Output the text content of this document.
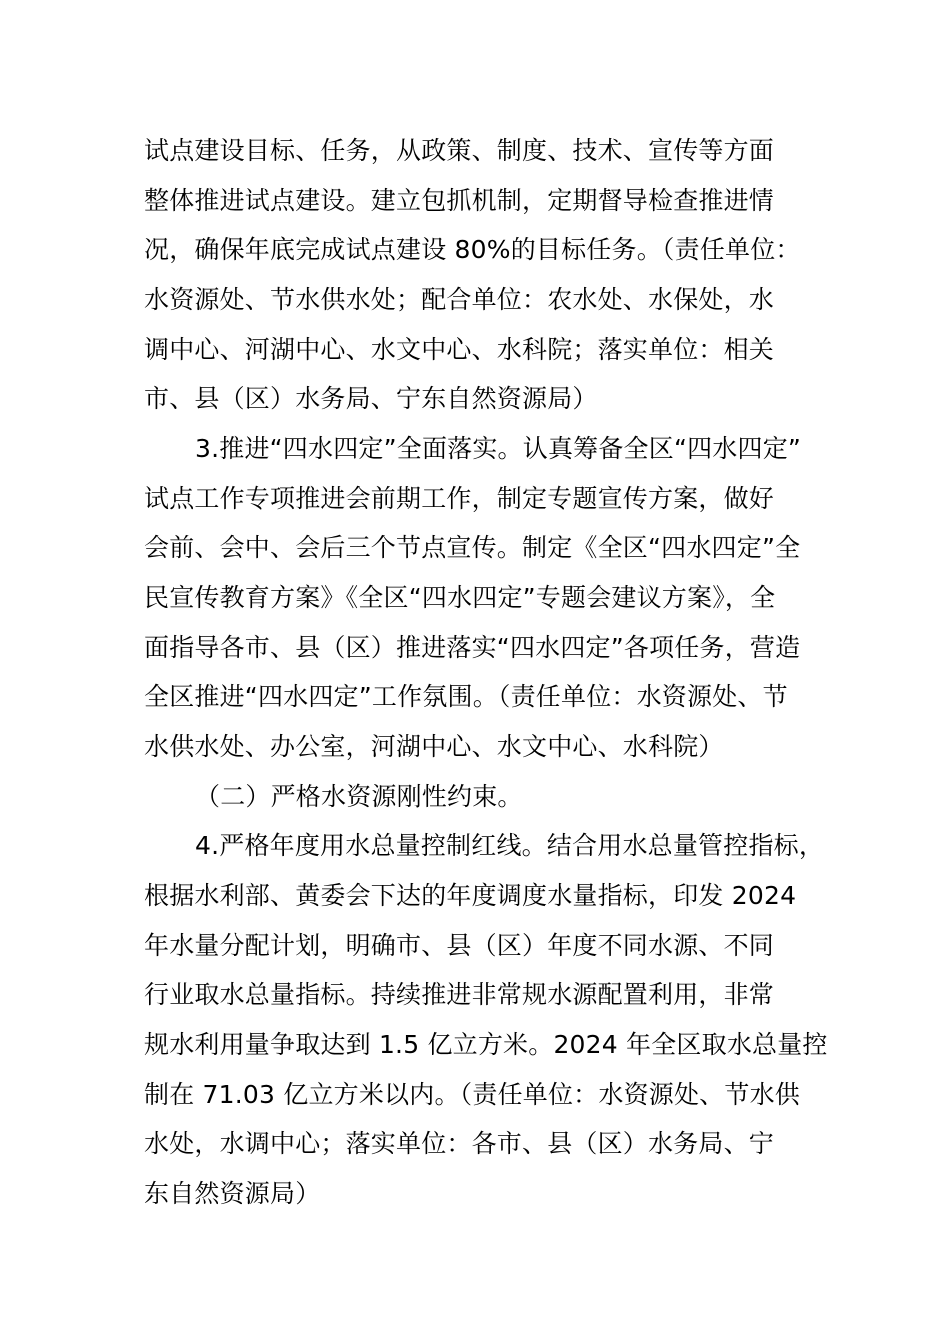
试点建设目标、任务，从政策、制度、技术、宣传等方面
整体推进试点建设。建立包抓机制，定期督导检查推进情
况，确保年底完成试点建设 80%的目标任务。（责任单位：
水资源处、节水供水处；配合单位：农水处、水保处，水
调中心、河湖中心、水文中心、水科院；落实单位：相关
市、县（区）水务局、宁东自然资源局）
3.推进“四水四定”全面落实。认真筹备全区“四水四定”
试点工作专项推进会前期工作，制定专题宣传方案，做好
会前、会中、会后三个节点宣传。制定《全区“四水四定”全
民宣传教育方案》《全区“四水四定”专题会建议方案》，全
面指导各市、县（区）推进落实“四水四定”各项任务，营造
全区推进“四水四定”工作氛围。（责任单位：水资源处、节
水供水处、办公室，河湖中心、水文中心、水科院）
（二）严格水资源刚性约束。
4.严格年度用水总量控制红线。结合用水总量管控指标，
根据水利部、黄委会下达的年度调度水量指标，印发 2024
年水量分配计划，明确市、县（区）年度不同水源、不同
行业取水总量指标。持续推进非常规水源配置利用，非常
规水利用量争取达到 1.5 亿立方米。2024 年全区取水总量控
制在 71.03 亿立方米以内。（责任单位：水资源处、节水供
水处，水调中心；落实单位：各市、县（区）水务局、宁
东自然资源局）
